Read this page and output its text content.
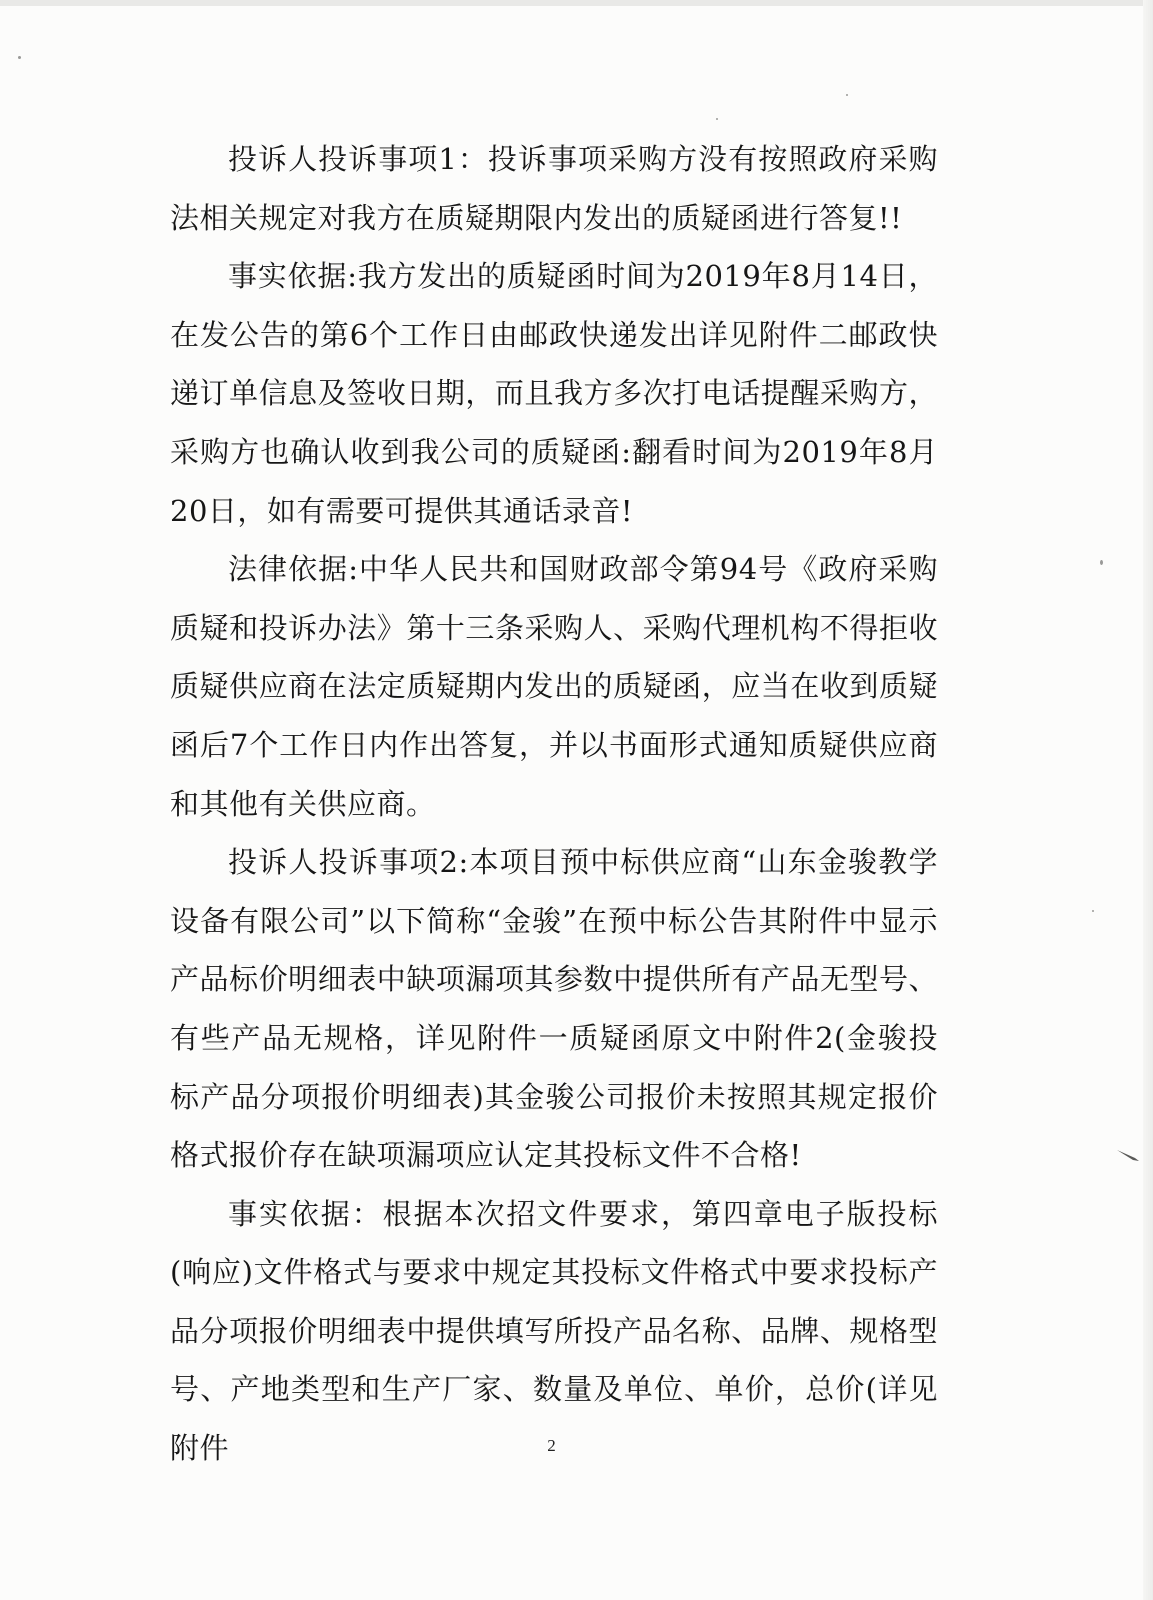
投诉人投诉事项1：投诉事项采购方没有按照政府采购法相关规定对我方在质疑期限内发出的质疑函进行答复!!

事实依据:我方发出的质疑函时间为2019年8月14日，在发公告的第6个工作日由邮政快递发出详见附件二邮政快递订单信息及签收日期，而且我方多次打电话提醒采购方，采购方也确认收到我公司的质疑函:翻看时间为2019年8月20日，如有需要可提供其通话录音!

法律依据:中华人民共和国财政部令第94号《政府采购质疑和投诉办法》第十三条采购人、采购代理机构不得拒收质疑供应商在法定质疑期内发出的质疑函，应当在收到质疑函后7个工作日内作出答复，并以书面形式通知质疑供应商和其他有关供应商。

投诉人投诉事项2:本项目预中标供应商“山东金骏教学设备有限公司”以下简称“金骏”在预中标公告其附件中显示产品标价明细表中缺项漏项其参数中提供所有产品无型号、有些产品无规格，详见附件一质疑函原文中附件2(金骏投标产品分项报价明细表)其金骏公司报价未按照其规定报价格式报价存在缺项漏项应认定其投标文件不合格!

事实依据：根据本次招文件要求，第四章电子版投标(响应)文件格式与要求中规定其投标文件格式中要求投标产品分项报价明细表中提供填写所投产品名称、品牌、规格型号、产地类型和生产厂家、数量及单位、单价，总价(详见附件	2
